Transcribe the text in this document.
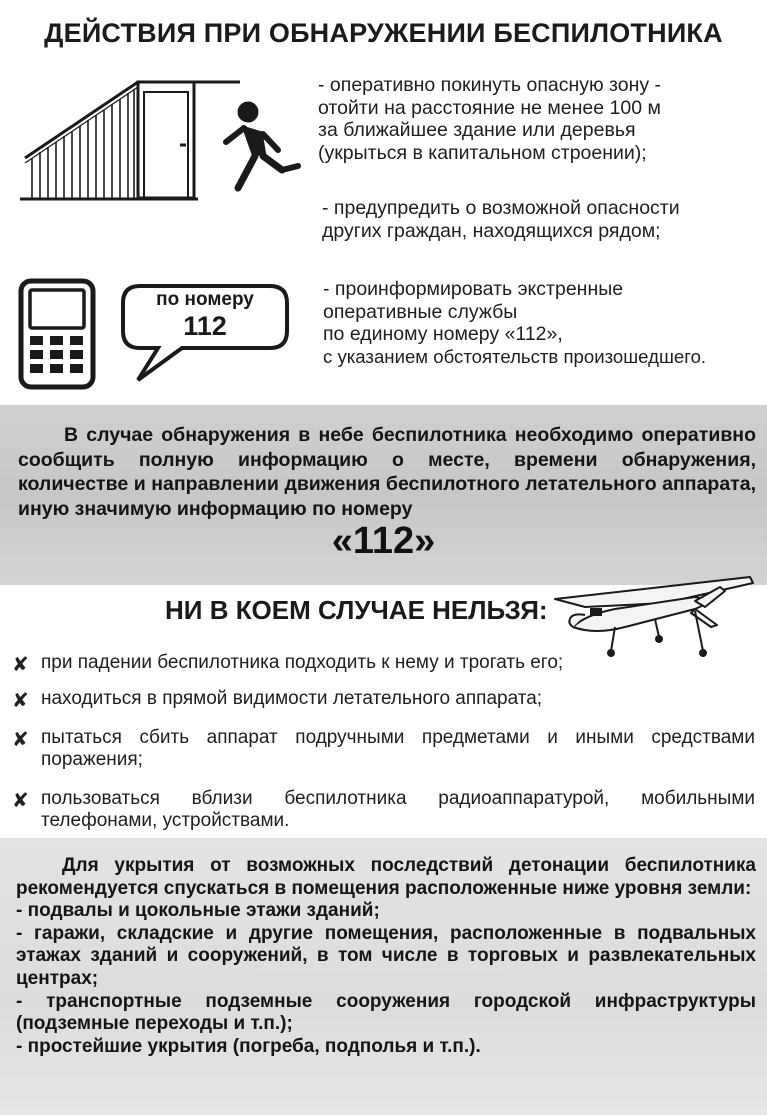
ДЕЙСТВИЯ ПРИ ОБНАРУЖЕНИИ БЕСПИЛОТНИКА
- оперативно покинуть опасную зону -
отойти на расстояние не менее 100 м
за ближайшее здание или деревья
(укрыться в капитальном строении);
- предупредить о возможной опасности
других граждан, находящихся рядом;
по номеру
112
- проинформировать экстренные
оперативные службы
по единому номеру «112»,
с указанием обстоятельств произошедшего.
В случае обнаружения в небе беспилотника необходимо оперативно сообщить полную информацию о месте, времени обнаружения, количестве и направлении движения беспилотного летательного аппарата, иную значимую информацию по номеру
«112»
НИ В КОЕМ СЛУЧАЕ НЕЛЬЗЯ:
✘ при падении беспилотника подходить к нему и трогать его;
✘ находиться в прямой видимости летательного аппарата;
✘ пытаться сбить аппарат подручными предметами и иными средствами поражения;
✘ пользоваться вблизи беспилотника радиоаппаратурой, мобильными телефонами, устройствами.

Для укрытия от возможных последствий детонации беспилотника рекомендуется спускаться в помещения расположенные ниже уровня земли:

- подвалы и цокольные этажи зданий;

- гаражи, складские и другие помещения, расположенные в подвальных этажах зданий и сооружений, в том числе в торговых и развлекательных центрах;

- транспортные подземные сооружения городской инфраструктуры (подземные переходы и т.п.);

- простейшие укрытия (погреба, подполья и т.п.).
